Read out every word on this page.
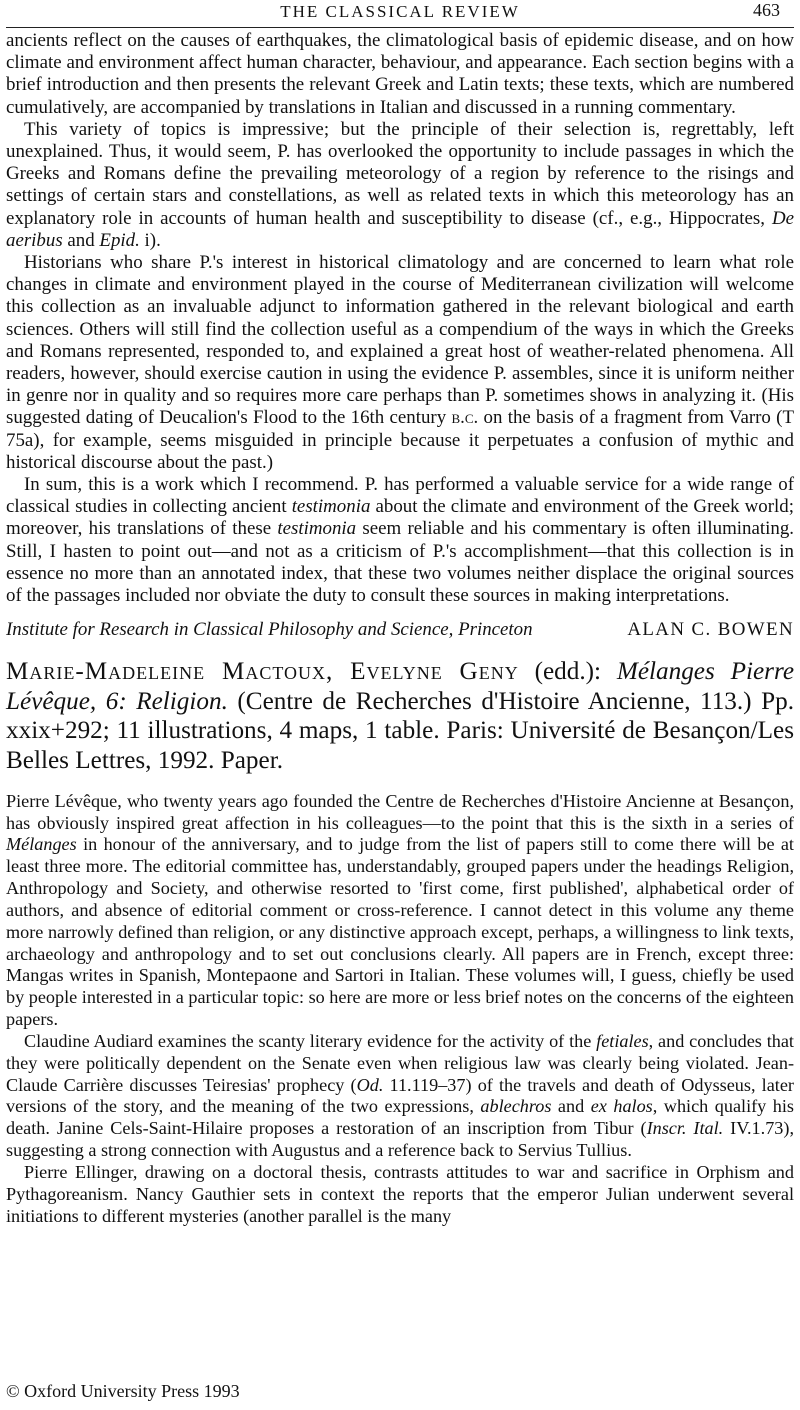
THE CLASSICAL REVIEW	463

ancients reflect on the causes of earthquakes, the climatological basis of epidemic disease, and on how climate and environment affect human character, behaviour, and appearance. Each section begins with a brief introduction and then presents the relevant Greek and Latin texts; these texts, which are numbered cumulatively, are accompanied by translations in Italian and discussed in a running commentary.

This variety of topics is impressive; but the principle of their selection is, regrettably, left unexplained. Thus, it would seem, P. has overlooked the opportunity to include passages in which the Greeks and Romans define the prevailing meteorology of a region by reference to the risings and settings of certain stars and constellations, as well as related texts in which this meteorology has an explanatory role in accounts of human health and susceptibility to disease (cf., e.g., Hippocrates, De aeribus and Epid. i).

Historians who share P.'s interest in historical climatology and are concerned to learn what role changes in climate and environment played in the course of Mediterranean civilization will welcome this collection as an invaluable adjunct to information gathered in the relevant biological and earth sciences. Others will still find the collection useful as a compendium of the ways in which the Greeks and Romans represented, responded to, and explained a great host of weather-related phenomena. All readers, however, should exercise caution in using the evidence P. assembles, since it is uniform neither in genre nor in quality and so requires more care perhaps than P. sometimes shows in analyzing it. (His suggested dating of Deucalion's Flood to the 16th century b.c. on the basis of a fragment from Varro (T 75a), for example, seems misguided in principle because it perpetuates a confusion of mythic and historical discourse about the past.)

In sum, this is a work which I recommend. P. has performed a valuable service for a wide range of classical studies in collecting ancient testimonia about the climate and environment of the Greek world; moreover, his translations of these testimonia seem reliable and his commentary is often illuminating. Still, I hasten to point out—and not as a criticism of P.'s accomplishment—that this collection is in essence no more than an annotated index, that these two volumes neither displace the original sources of the passages included nor obviate the duty to consult these sources in making interpretations.

Institute for Research in Classical Philosophy and Science, Princeton	ALAN C. BOWEN
Marie-Madeleine Mactoux, Evelyne Geny (edd.): Mélanges Pierre Lévêque, 6: Religion. (Centre de Recherches d'Histoire Ancienne, 113.) Pp. xxix+292; 11 illustrations, 4 maps, 1 table. Paris: Université de Besançon/Les Belles Lettres, 1992. Paper.

Pierre Lévêque, who twenty years ago founded the Centre de Recherches d'Histoire Ancienne at Besançon, has obviously inspired great affection in his colleagues—to the point that this is the sixth in a series of Mélanges in honour of the anniversary, and to judge from the list of papers still to come there will be at least three more. The editorial committee has, understandably, grouped papers under the headings Religion, Anthropology and Society, and otherwise resorted to 'first come, first published', alphabetical order of authors, and absence of editorial comment or cross-reference. I cannot detect in this volume any theme more narrowly defined than religion, or any distinctive approach except, perhaps, a willingness to link texts, archaeology and anthropology and to set out conclusions clearly. All papers are in French, except three: Mangas writes in Spanish, Montepaone and Sartori in Italian. These volumes will, I guess, chiefly be used by people interested in a particular topic: so here are more or less brief notes on the concerns of the eighteen papers.

Claudine Audiard examines the scanty literary evidence for the activity of the fetiales, and concludes that they were politically dependent on the Senate even when religious law was clearly being violated. Jean-Claude Carrière discusses Teiresias' prophecy (Od. 11.119–37) of the travels and death of Odysseus, later versions of the story, and the meaning of the two expressions, ablechros and ex halos, which qualify his death. Janine Cels-Saint-Hilaire proposes a restoration of an inscription from Tibur (Inscr. Ital. IV.1.73), suggesting a strong connection with Augustus and a reference back to Servius Tullius.

Pierre Ellinger, drawing on a doctoral thesis, contrasts attitudes to war and sacrifice in Orphism and Pythagoreanism. Nancy Gauthier sets in context the reports that the emperor Julian underwent several initiations to different mysteries (another parallel is the many

© Oxford University Press 1993
